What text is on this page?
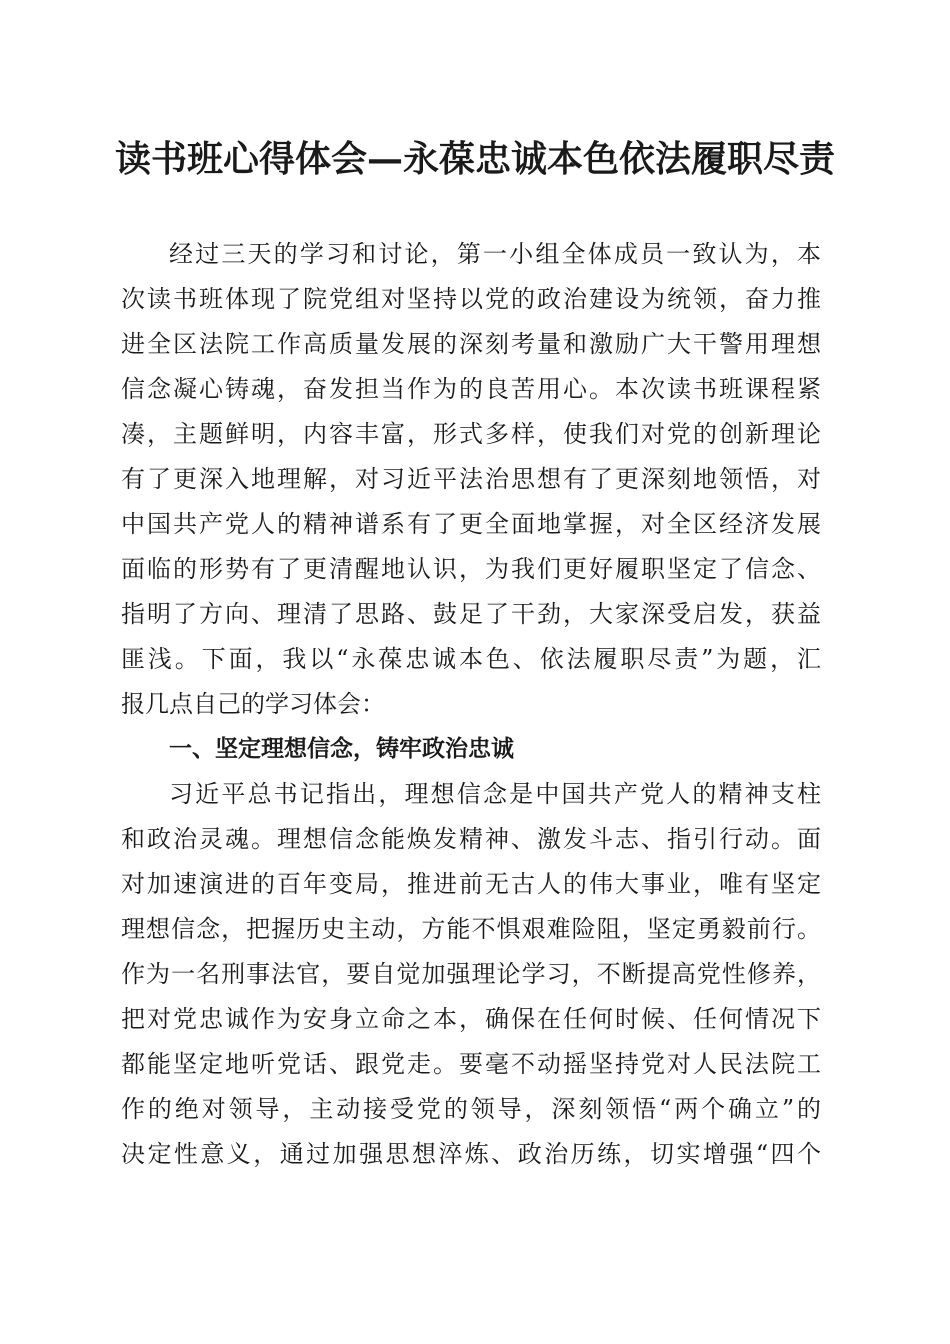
读书班心得体会—永葆忠诚本色依法履职尽责
经过三天的学习和讨论，第一小组全体成员一致认为，本
次读书班体现了院党组对坚持以党的政治建设为统领，奋力推
进全区法院工作高质量发展的深刻考量和激励广大干警用理想
信念凝心铸魂，奋发担当作为的良苦用心。本次读书班课程紧
凑，主题鲜明，内容丰富，形式多样，使我们对党的创新理论
有了更深入地理解，对习近平法治思想有了更深刻地领悟，对
中国共产党人的精神谱系有了更全面地掌握，对全区经济发展
面临的形势有了更清醒地认识，为我们更好履职坚定了信念、
指明了方向、理清了思路、鼓足了干劲，大家深受启发，获益
匪浅。下面，我以“永葆忠诚本色、依法履职尽责”为题，汇
报几点自己的学习体会：
一、坚定理想信念，铸牢政治忠诚
习近平总书记指出，理想信念是中国共产党人的精神支柱
和政治灵魂。理想信念能焕发精神、激发斗志、指引行动。面
对加速演进的百年变局，推进前无古人的伟大事业，唯有坚定
理想信念，把握历史主动，方能不惧艰难险阻，坚定勇毅前行。
作为一名刑事法官，要自觉加强理论学习，不断提高党性修养，
把对党忠诚作为安身立命之本，确保在任何时候、任何情况下
都能坚定地听党话、跟党走。要毫不动摇坚持党对人民法院工
作的绝对领导，主动接受党的领导，深刻领悟“两个确立”的
决定性意义，通过加强思想淬炼、政治历练，切实增强“四个
